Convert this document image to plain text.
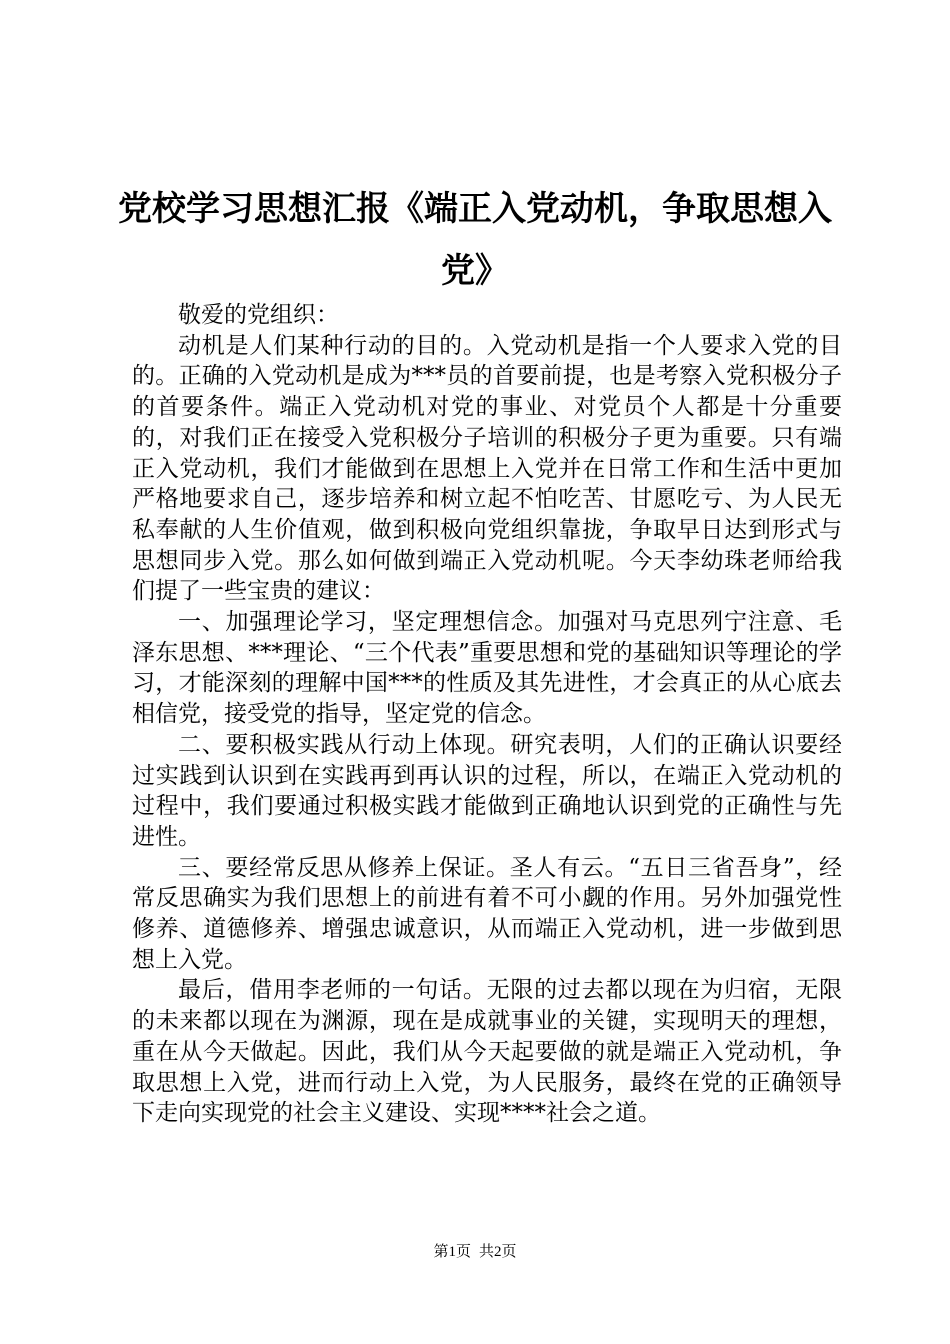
党校学习思想汇报《端正入党动机，争取思想入党》

敬爱的党组织：

动机是人们某种行动的目的。入党动机是指一个人要求入党的目的。正确的入党动机是成为***员的首要前提，也是考察入党积极分子的首要条件。端正入党动机对党的事业、对党员个人都是十分重要的，对我们正在接受入党积极分子培训的积极分子更为重要。只有端正入党动机，我们才能做到在思想上入党并在日常工作和生活中更加严格地要求自己，逐步培养和树立起不怕吃苦、甘愿吃亏、为人民无私奉献的人生价值观，做到积极向党组织靠拢，争取早日达到形式与思想同步入党。那么如何做到端正入党动机呢。今天李幼珠老师给我们提了一些宝贵的建议：

一、加强理论学习，坚定理想信念。加强对马克思列宁注意、毛泽东思想、***理论、“三个代表”重要思想和党的基础知识等理论的学习，才能深刻的理解中国***的性质及其先进性，才会真正的从心底去相信党，接受党的指导，坚定党的信念。

二、要积极实践从行动上体现。研究表明，人们的正确认识要经过实践到认识到在实践再到再认识的过程，所以，在端正入党动机的过程中，我们要通过积极实践才能做到正确地认识到党的正确性与先进性。

三、要经常反思从修养上保证。圣人有云。“五日三省吾身”，经常反思确实为我们思想上的前进有着不可小觑的作用。另外加强党性修养、道德修养、增强忠诚意识，从而端正入党动机，进一步做到思想上入党。

最后，借用李老师的一句话。无限的过去都以现在为归宿，无限的未来都以现在为渊源，现在是成就事业的关键，实现明天的理想，重在从今天做起。因此，我们从今天起要做的就是端正入党动机，争取思想上入党，进而行动上入党，为人民服务，最终在党的正确领导下走向实现党的社会主义建设、实现****社会之道。

第1页 共2页
